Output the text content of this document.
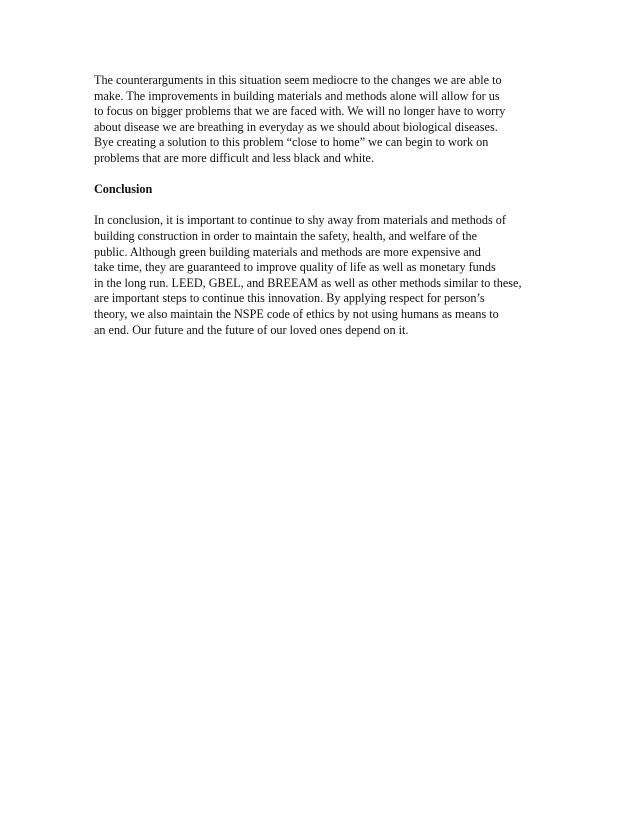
The counterarguments in this situation seem mediocre to the changes we are able to
make. The improvements in building materials and methods alone will allow for us
to focus on bigger problems that we are faced with. We will no longer have to worry
about disease we are breathing in everyday as we should about biological diseases.
Bye creating a solution to this problem “close to home” we can begin to work on
problems that are more difficult and less black and white.
Conclusion
In conclusion, it is important to continue to shy away from materials and methods of
building construction in order to maintain the safety, health, and welfare of the
public. Although green building materials and methods are more expensive and
take time, they are guaranteed to improve quality of life as well as monetary funds
in the long run. LEED, GBEL, and BREEAM as well as other methods similar to these,
are important steps to continue this innovation. By applying respect for person’s
theory, we also maintain the NSPE code of ethics by not using humans as means to
an end. Our future and the future of our loved ones depend on it.
